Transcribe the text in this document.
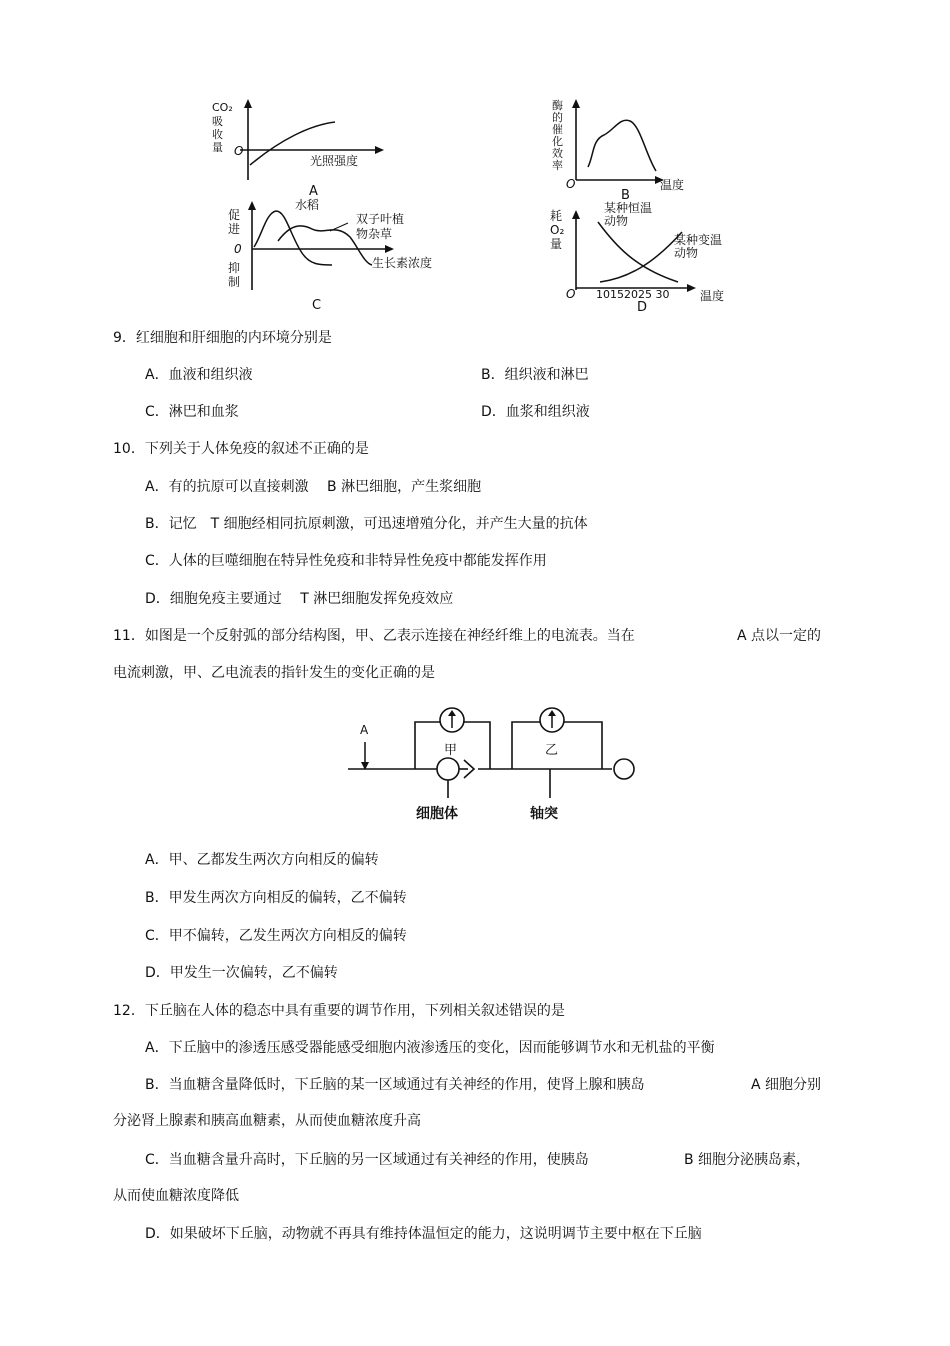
CO₂
吸
收
量 O
光照强度
A
酶
的
催
化
效
率
O	温度
B
促
进
0
抑
制
水稻
双子叶植
物杂草
生长素浓度
C
耗
O₂
量
O 10152025 30	温度
某种恒温
动物
某种变温
动物
D
9．红细胞和肝细胞的内环境分别是
A．血液和组织液	B．组织液和淋巴
C．淋巴和血浆	D．血浆和组织液
10．下列关于人体免疫的叙述不正确的是
A．有的抗原可以直接刺激　 B 淋巴细胞，产生浆细胞
B．记忆　T 细胞经相同抗原刺激，可迅速增殖分化，并产生大量的抗体
C．人体的巨噬细胞在特异性免疫和非特异性免疫中都能发挥作用
D．细胞免疫主要通过　 T 淋巴细胞发挥免疫效应
11．如图是一个反射弧的部分结构图，甲、乙表示连接在神经纤维上的电流表。当在	A 点以一定的
电流刺激，甲、乙电流表的指针发生的变化正确的是
A
甲	乙
细胞体	轴突
A．甲、乙都发生两次方向相反的偏转
B．甲发生两次方向相反的偏转，乙不偏转
C．甲不偏转，乙发生两次方向相反的偏转
D．甲发生一次偏转，乙不偏转
12．下丘脑在人体的稳态中具有重要的调节作用，下列相关叙述错误的是
A．下丘脑中的渗透压感受器能感受细胞内液渗透压的变化，因而能够调节水和无机盐的平衡
B．当血糖含量降低时，下丘脑的某一区域通过有关神经的作用，使肾上腺和胰岛	A 细胞分别
分泌肾上腺素和胰高血糖素，从而使血糖浓度升高
C．当血糖含量升高时，下丘脑的另一区域通过有关神经的作用，使胰岛	B 细胞分泌胰岛素，
从而使血糖浓度降低
D．如果破坏下丘脑，动物就不再具有维持体温恒定的能力，这说明调节主要中枢在下丘脑
